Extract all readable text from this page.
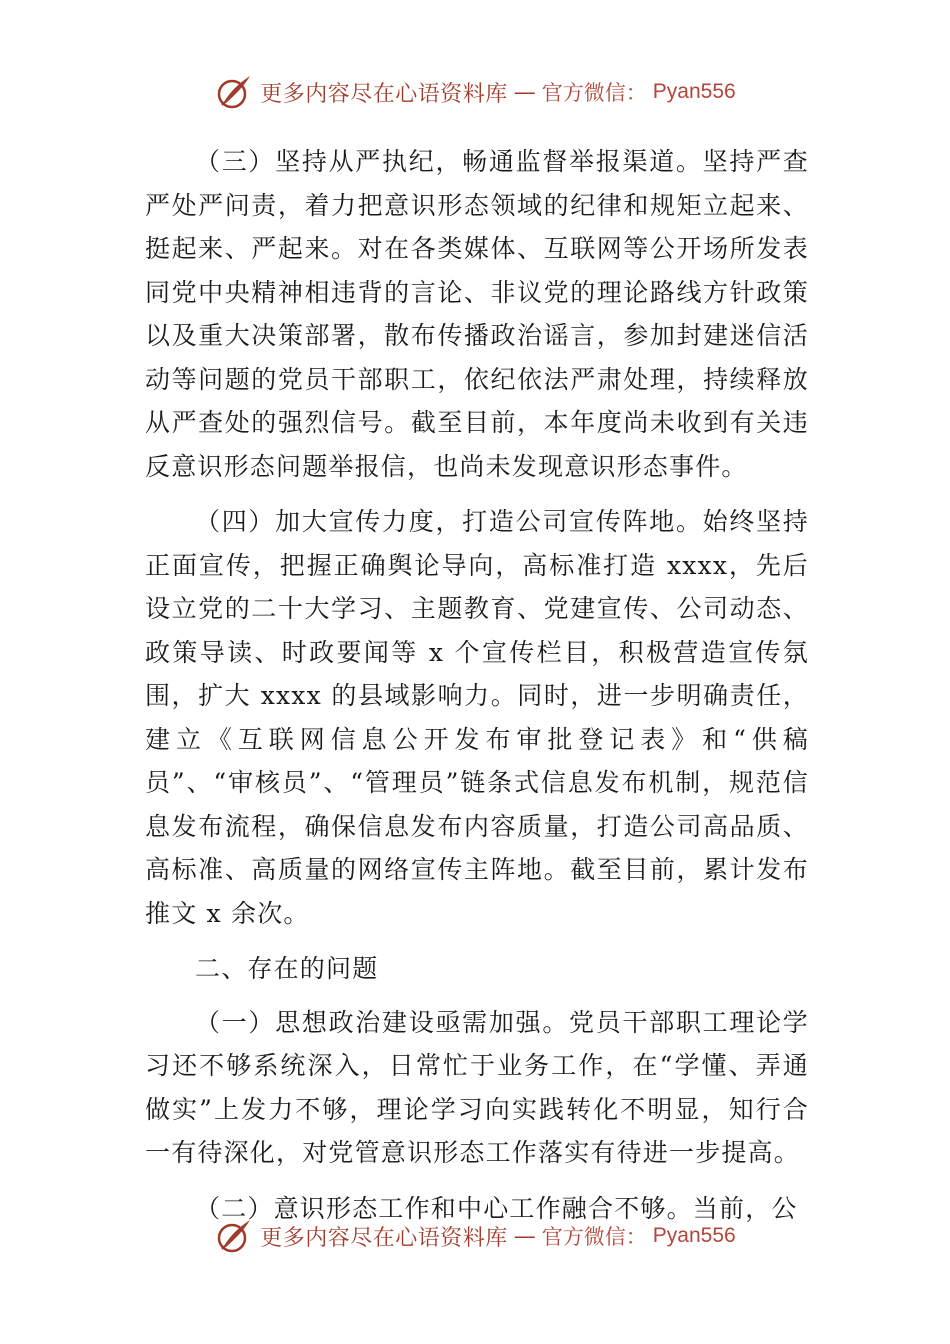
更多内容尽在心语资料库 — 官方微信： Pyan556

（三）坚持从严执纪，畅通监督举报渠道。坚持严查严处严问责，着力把意识形态领域的纪律和规矩立起来、挺起来、严起来。对在各类媒体、互联网等公开场所发表同党中央精神相违背的言论、非议党的理论路线方针政策以及重大决策部署，散布传播政治谣言，参加封建迷信活动等问题的党员干部职工，依纪依法严肃处理，持续释放从严查处的强烈信号。截至目前，本年度尚未收到有关违反意识形态问题举报信，也尚未发现意识形态事件。

（四）加大宣传力度，打造公司宣传阵地。始终坚持正面宣传，把握正确舆论导向，高标准打造 xxxx，先后设立党的二十大学习、主题教育、党建宣传、公司动态、政策导读、时政要闻等 x 个宣传栏目，积极营造宣传氛围，扩大 xxxx 的县域影响力。同时，进一步明确责任，建立《互联网信息公开发布审批登记表》和“供稿员”、“审核员”、“管理员”链条式信息发布机制，规范信息发布流程，确保信息发布内容质量，打造公司高品质、高标准、高质量的网络宣传主阵地。截至目前，累计发布推文 x 余次。

二、存在的问题

（一）思想政治建设亟需加强。党员干部职工理论学习还不够系统深入，日常忙于业务工作，在“学懂、弄通做实”上发力不够，理论学习向实践转化不明显，知行合一有待深化，对党管意识形态工作落实有待进一步提高。

（二）意识形态工作和中心工作融合不够。当前，公

更多内容尽在心语资料库 — 官方微信： Pyan556
